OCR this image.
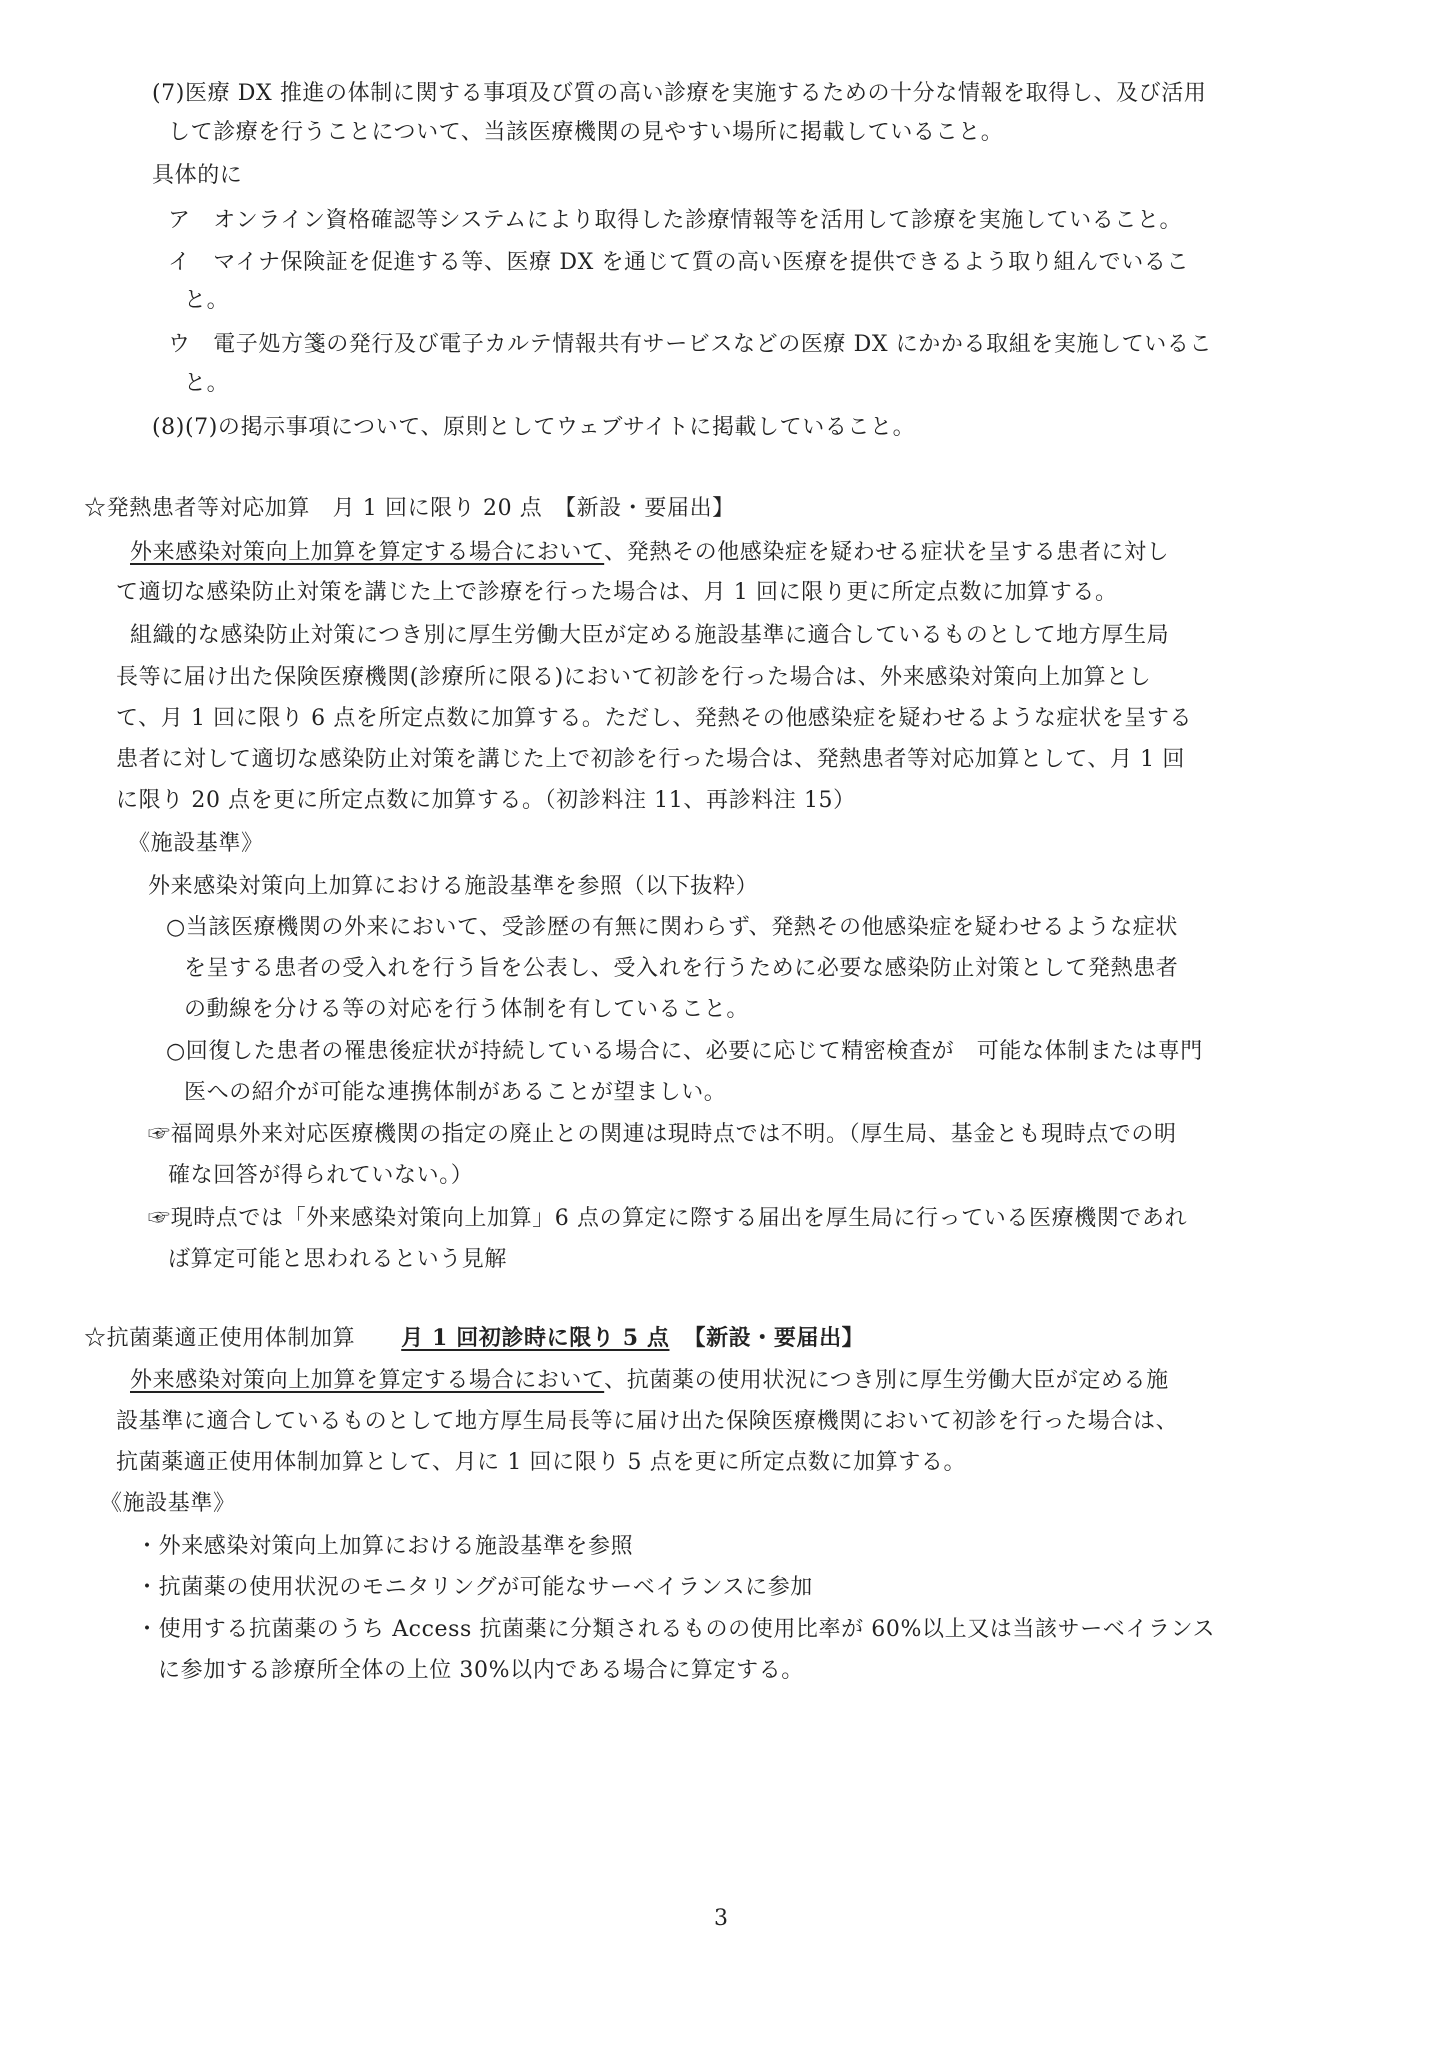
(7)医療 DX 推進の体制に関する事項及び質の高い診療を実施するための十分な情報を取得し、及び活用
して診療を行うことについて、当該医療機関の見やすい場所に掲載していること。
具体的に
ア　オンライン資格確認等システムにより取得した診療情報等を活用して診療を実施していること。
イ　マイナ保険証を促進する等、医療 DX を通じて質の高い医療を提供できるよう取り組んでいるこ
と。
ウ　電子処方箋の発行及び電子カルテ情報共有サービスなどの医療 DX にかかる取組を実施しているこ
と。
(8)(7)の掲示事項について、原則としてウェブサイトに掲載していること。
☆発熱患者等対応加算　月 1 回に限り 20 点　【新設・要届出】
外来感染対策向上加算を算定する場合において、発熱その他感染症を疑わせる症状を呈する患者に対し
て適切な感染防止対策を講じた上で診療を行った場合は、月 1 回に限り更に所定点数に加算する。
組織的な感染防止対策につき別に厚生労働大臣が定める施設基準に適合しているものとして地方厚生局
長等に届け出た保険医療機関(診療所に限る)において初診を行った場合は、外来感染対策向上加算とし
て、月 1 回に限り 6 点を所定点数に加算する。ただし、発熱その他感染症を疑わせるような症状を呈する
患者に対して適切な感染防止対策を講じた上で初診を行った場合は、発熱患者等対応加算として、月 1 回
に限り 20 点を更に所定点数に加算する。（初診料注 11、再診料注 15）
《施設基準》
外来感染対策向上加算における施設基準を参照（以下抜粋）
○当該医療機関の外来において、受診歴の有無に関わらず、発熱その他感染症を疑わせるような症状
を呈する患者の受入れを行う旨を公表し、受入れを行うために必要な感染防止対策として発熱患者
の動線を分ける等の対応を行う体制を有していること。
○回復した患者の罹患後症状が持続している場合に、必要に応じて精密検査が　可能な体制または専門
医への紹介が可能な連携体制があることが望ましい。
☞福岡県外来対応医療機関の指定の廃止との関連は現時点では不明。（厚生局、基金とも現時点での明
確な回答が得られていない。）
☞現時点では「外来感染対策向上加算」6 点の算定に際する届出を厚生局に行っている医療機関であれ
ば算定可能と思われるという見解
☆抗菌薬適正使用体制加算 月 1 回初診時に限り 5 点 【新設・要届出】
外来感染対策向上加算を算定する場合において、抗菌薬の使用状況につき別に厚生労働大臣が定める施
設基準に適合しているものとして地方厚生局長等に届け出た保険医療機関において初診を行った場合は、
抗菌薬適正使用体制加算として、月に 1 回に限り 5 点を更に所定点数に加算する。
《施設基準》
・外来感染対策向上加算における施設基準を参照
・抗菌薬の使用状況のモニタリングが可能なサーベイランスに参加
・使用する抗菌薬のうち Access 抗菌薬に分類されるものの使用比率が 60%以上又は当該サーベイランス
に参加する診療所全体の上位 30%以内である場合に算定する。
3
